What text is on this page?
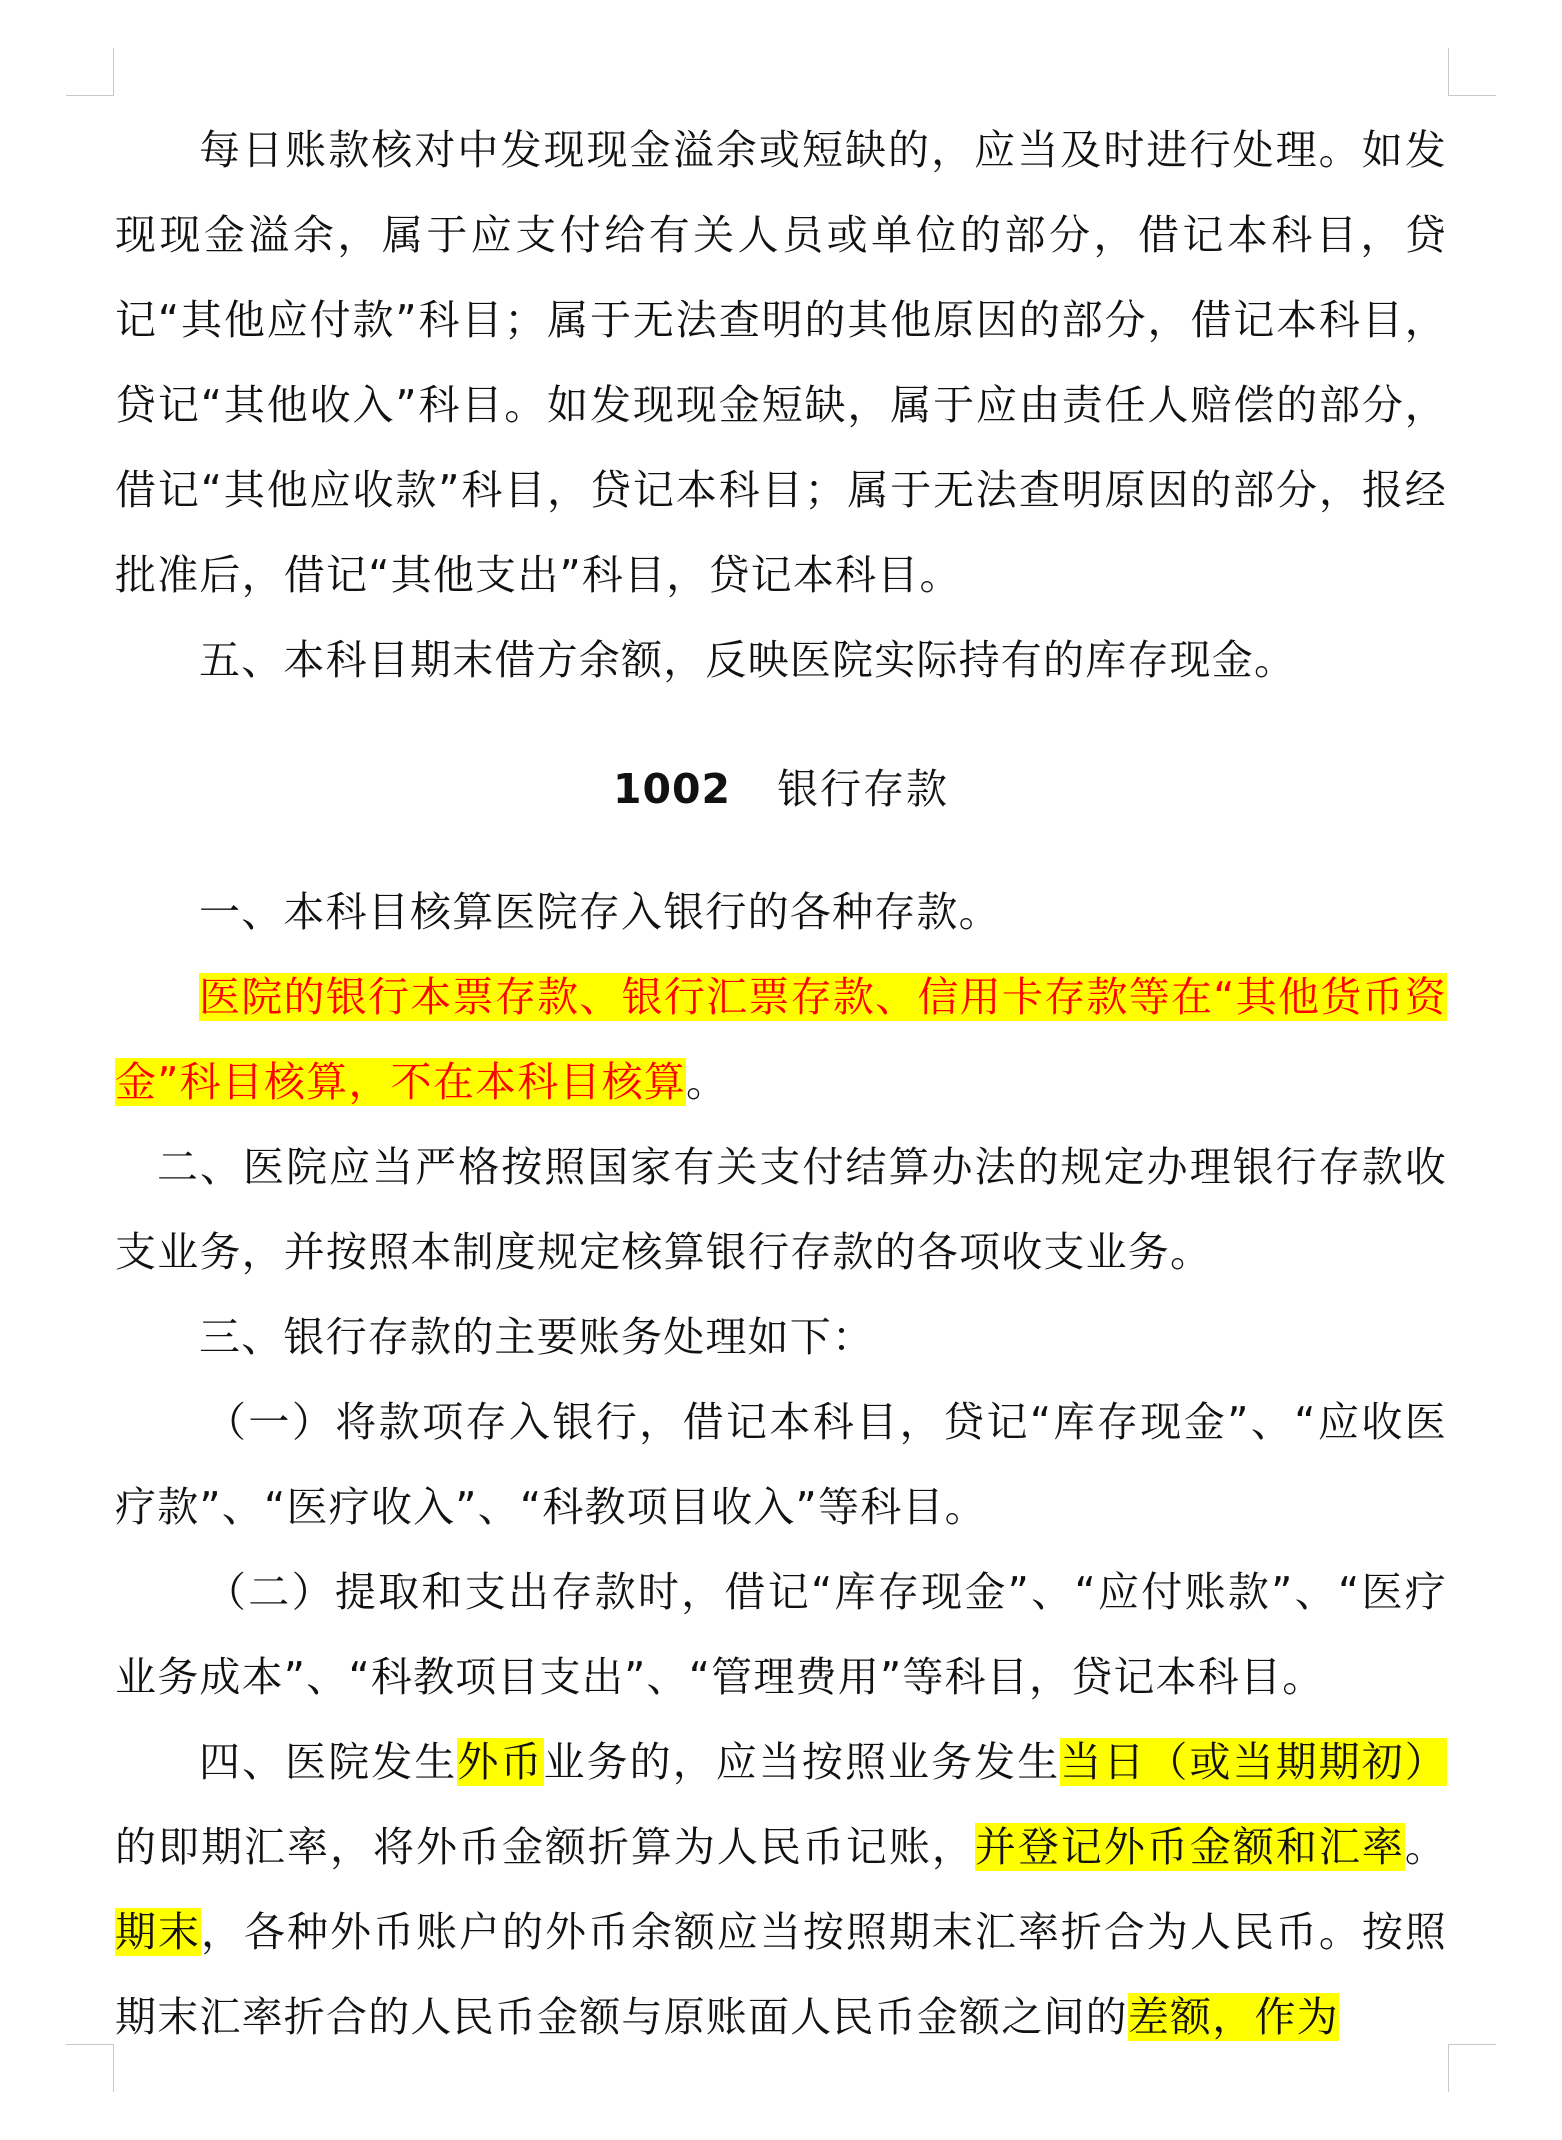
每日账款核对中发现现金溢余或短缺的，应当及时进行处理。如发现现金溢余，属于应支付给有关人员或单位的部分，借记本科目，贷记“其他应付款”科目；属于无法查明的其他原因的部分，借记本科目，贷记“其他收入”科目。如发现现金短缺，属于应由责任人赔偿的部分，借记“其他应收款”科目，贷记本科目；属于无法查明原因的部分，报经批准后，借记“其他支出”科目，贷记本科目。

五、本科目期末借方余额，反映医院实际持有的库存现金。

1002 银行存款

一、本科目核算医院存入银行的各种存款。

医院的银行本票存款、银行汇票存款、信用卡存款等在“其他货币资金”科目核算，不在本科目核算。

二、医院应当严格按照国家有关支付结算办法的规定办理银行存款收支业务，并按照本制度规定核算银行存款的各项收支业务。

三、银行存款的主要账务处理如下：

（一）将款项存入银行，借记本科目，贷记“库存现金”、“应收医疗款”、“医疗收入”、“科教项目收入”等科目。

（二）提取和支出存款时，借记“库存现金”、“应付账款”、“医疗业务成本”、“科教项目支出”、“管理费用”等科目，贷记本科目。

四、医院发生外币业务的，应当按照业务发生当日（或当期期初）的即期汇率，将外币金额折算为人民币记账，并登记外币金额和汇率。期末，各种外币账户的外币余额应当按照期末汇率折合为人民币。按照期末汇率折合的人民币金额与原账面人民币金额之间的差额，作为
